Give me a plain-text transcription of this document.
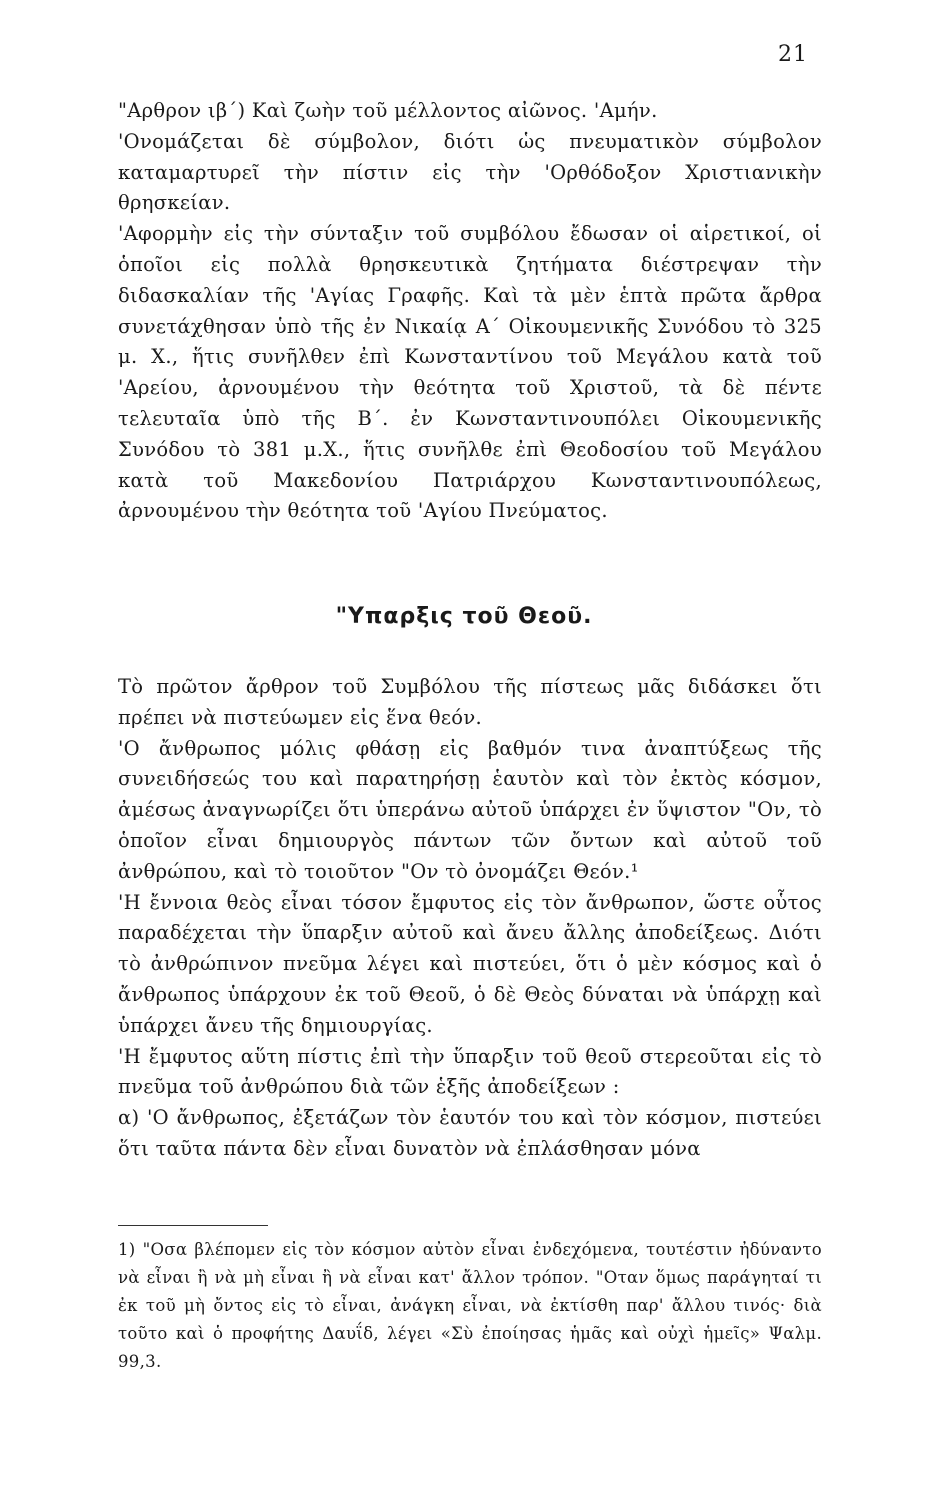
21

"Αρθρον ιβ΄) Καὶ ζωὴν τοῦ μέλλοντος αἰῶνος. 'Αμήν.

'Ονομάζεται δὲ σύμβολον, διότι ὡς πνευματικὸν σύμβολον καταμαρτυρεῖ τὴν πίστιν εἰς τὴν 'Ορθόδοξον Χριστιανικὴν θρησκείαν.

'Αφορμὴν εἰς τὴν σύνταξιν τοῦ συμβόλου ἔδωσαν οἱ αἱρετικοί, οἱ ὁποῖοι εἰς πολλὰ θρησκευτικὰ ζητήματα διέστρεψαν τὴν διδασκαλίαν τῆς 'Αγίας Γραφῆς. Καὶ τὰ μὲν ἑπτὰ πρῶτα ἄρθρα συνετάχθησαν ὑπὸ τῆς ἐν Νικαίᾳ Α΄ Οἰκουμενικῆς Συνόδου τὸ 325 μ. Χ., ἥτις συνῆλθεν ἐπὶ Κωνσταντίνου τοῦ Μεγάλου κατὰ τοῦ 'Αρείου, ἀρνουμένου τὴν θεότητα τοῦ Χριστοῦ, τὰ δὲ πέντε τελευταῖα ὑπὸ τῆς Β΄. ἐν Κωνσταντινουπόλει Οἰκουμενικῆς Συνόδου τὸ 381 μ.Χ., ἥτις συνῆλθε ἐπὶ Θεοδοσίου τοῦ Μεγάλου κατὰ τοῦ Μακεδονίου Πατριάρχου Κωνσταντινουπόλεως, ἀρνουμένου τὴν θεότητα τοῦ 'Αγίου Πνεύματος.

"Υπαρξις τοῦ Θεοῦ.

Τὸ πρῶτον ἄρθρον τοῦ Συμβόλου τῆς πίστεως μᾶς διδάσκει ὅτι πρέπει νὰ πιστεύωμεν εἰς ἕνα θεόν.

'Ο ἄνθρωπος μόλις φθάσῃ εἰς βαθμόν τινα ἀναπτύξεως τῆς συνειδήσεώς του καὶ παρατηρήσῃ ἑαυτὸν καὶ τὸν ἐκτὸς κόσμον, ἀμέσως ἀναγνωρίζει ὅτι ὑπεράνω αὐτοῦ ὑπάρχει ἐν ὕψιστον "Ον, τὸ ὁποῖον εἶναι δημιουργὸς πάντων τῶν ὄντων καὶ αὐτοῦ τοῦ ἀνθρώπου, καὶ τὸ τοιοῦτον "Ον τὸ ὀνομάζει Θεόν.¹

'Η ἔννοια θεὸς εἶναι τόσον ἔμφυτος εἰς τὸν ἄνθρωπον, ὥστε οὗτος παραδέχεται τὴν ὕπαρξιν αὐτοῦ καὶ ἄνευ ἄλλης ἀποδείξεως. Διότι τὸ ἀνθρώπινον πνεῦμα λέγει καὶ πιστεύει, ὅτι ὁ μὲν κόσμος καὶ ὁ ἄνθρωπος ὑπάρχουν ἐκ τοῦ Θεοῦ, ὁ δὲ Θεὸς δύναται νὰ ὑπάρχῃ καὶ ὑπάρχει ἄνευ τῆς δημιουργίας.

'Η ἔμφυτος αὕτη πίστις ἐπὶ τὴν ὕπαρξιν τοῦ θεοῦ στερεοῦται εἰς τὸ πνεῦμα τοῦ ἀνθρώπου διὰ τῶν ἑξῆς ἀποδείξεων :

α) 'Ο ἄνθρωπος, ἐξετάζων τὸν ἑαυτόν του καὶ τὸν κόσμον, πιστεύει ὅτι ταῦτα πάντα δὲν εἶναι δυνατὸν νὰ ἐπλάσθησαν μόνα

1) "Οσα βλέπομεν εἰς τὸν κόσμον αὐτὸν εἶναι ἐνδεχόμενα, τουτέστιν ἠδύναντο νὰ εἶναι ἢ νὰ μὴ εἶναι ἢ νὰ εἶναι κατ' ἄλλον τρόπον. "Οταν ὅμως παράγηταί τι ἐκ τοῦ μὴ ὄντος εἰς τὸ εἶναι, ἀνάγκη εἶναι, νὰ ἐκτίσθη παρ' ἄλλου τινός· διὰ τοῦτο καὶ ὁ προφήτης Δαυΐδ, λέγει «Σὺ ἐποίησας ἡμᾶς καὶ οὐχὶ ἡμεῖς» Ψαλμ. 99,3.
